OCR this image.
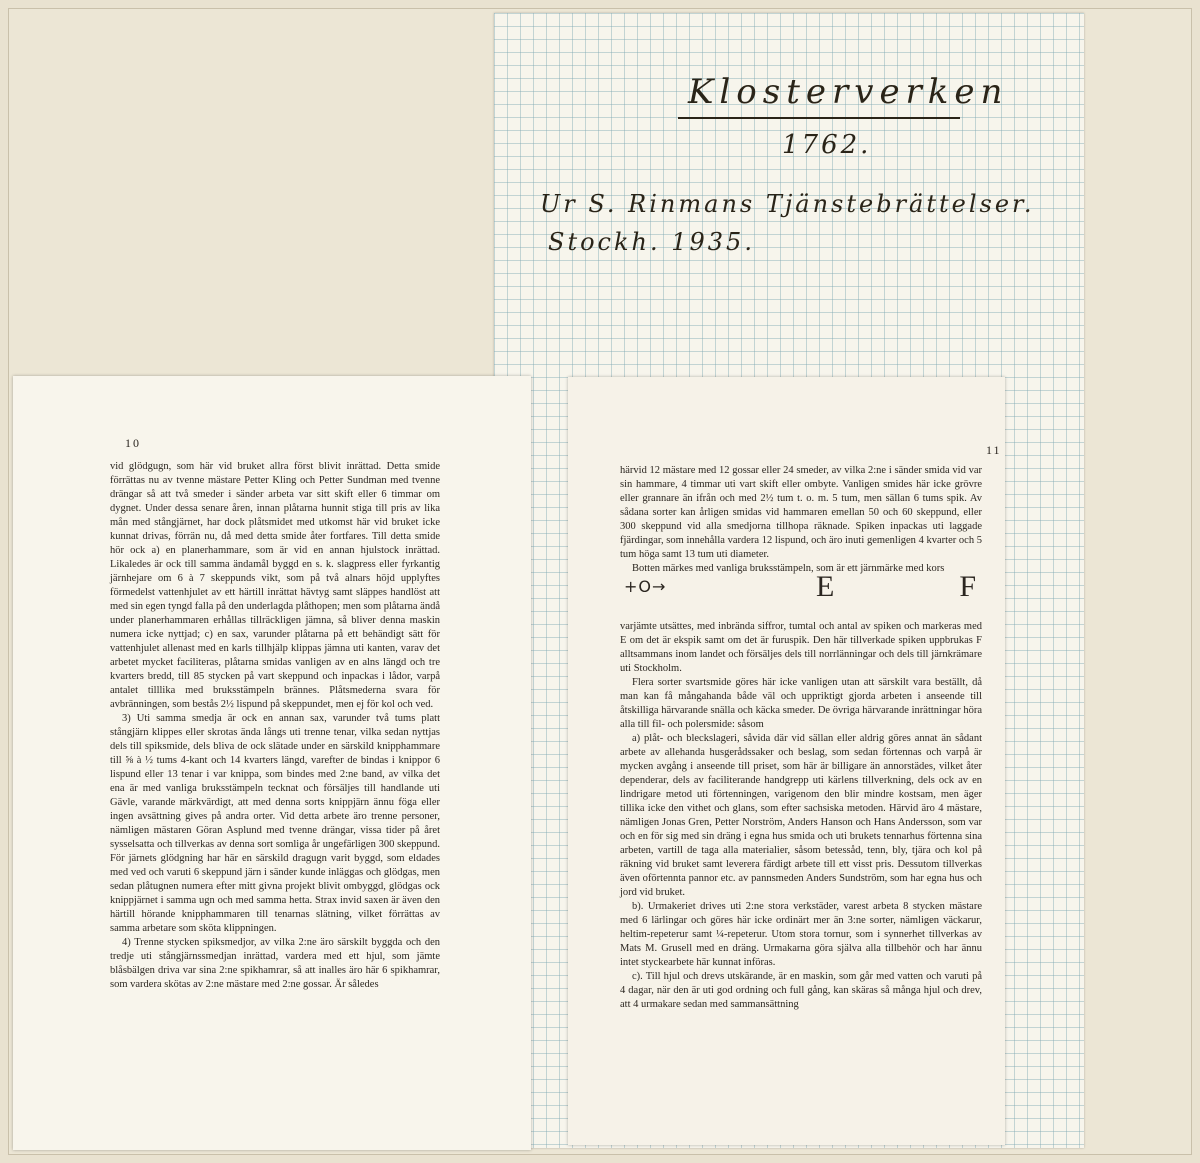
Klosterverken
1762.
Ur S. Rinmans Tjänstebrättelser.
Stockh. 1935.
10

vid glödgugn, som här vid bruket allra först blivit inrättad. Detta smide förrättas nu av tvenne mästare Petter Kling och Petter Sundman med tvenne drängar så att två smeder i sänder arbeta var sitt skift eller 6 timmar om dygnet. Under dessa senare åren, innan plåtarna hunnit stiga till pris av lika mån med stångjärnet, har dock plåtsmidet med utkomst här vid bruket icke kunnat drivas, förrän nu, då med detta smide åter fortfares. Till detta smide hör ock a) en planerhammare, som är vid en annan hjulstock inrättad. Likaledes är ock till samma ändamål byggd en s. k. slagpress eller fyrkantig järnhejare om 6 à 7 skeppunds vikt, som på två alnars höjd upplyftes förmedelst vattenhjulet av ett härtill inrättat hävtyg samt släppes handlöst att med sin egen tyngd falla på den underlagda plåthopen; men som plåtarna ändå under planerhammaren erhållas tillräckligen jämna, så bliver denna maskin numera icke nyttjad; c) en sax, varunder plåtarna på ett behändigt sätt för vattenhjulet allenast med en karls tillhjälp klippas jämna uti kanten, varav det arbetet mycket faciliteras, plåtarna smidas vanligen av en alns längd och tre kvarters bredd, till 85 stycken på vart skeppund och inpackas i lådor, varpå antalet tilllika med bruksstämpeln brännes. Plåtsmederna svara för avbränningen, som bestås 2½ lispund på skeppundet, men ej för kol och ved.

3) Uti samma smedja är ock en annan sax, varunder två tums platt stångjärn klippes eller skrotas ända långs uti trenne tenar, vilka sedan nyttjas dels till spiksmide, dels bliva de ock slätade under en särskild knipphammare till ⅝ à ½ tums 4-kant och 14 kvarters längd, varefter de bindas i knippor 6 lispund eller 13 tenar i var knippa, som bindes med 2:ne band, av vilka det ena är med vanliga bruksstämpeln tecknat och försäljes till handlande uti Gävle, varande märkvärdigt, att med denna sorts knippjärn ännu föga eller ingen avsättning gives på andra orter. Vid detta arbete äro trenne personer, nämligen mästaren Göran Asplund med tvenne drängar, vissa tider på året sysselsatta och tillverkas av denna sort somliga år ungefärligen 300 skeppund. För järnets glödgning har här en särskild dragugn varit byggd, som eldades med ved och varuti 6 skeppund järn i sänder kunde inläggas och glödgas, men sedan plåtugnen numera efter mitt givna projekt blivit ombyggd, glödgas ock knippjärnet i samma ugn och med samma hetta. Strax invid saxen är även den härtill hörande knipphammaren till tenarnas slätning, vilket förrättas av samma arbetare som sköta klippningen.

4) Trenne stycken spiksmedjor, av vilka 2:ne äro särskilt byggda och den tredje uti stångjärnssmedjan inrättad, vardera med ett hjul, som jämte blåsbälgen driva var sina 2:ne spikhamrar, så att inalles äro här 6 spikhamrar, som vardera skötas av 2:ne mästare med 2:ne gossar. Är således

11

härvid 12 mästare med 12 gossar eller 24 smeder, av vilka 2:ne i sänder smida vid var sin hammare, 4 timmar uti vart skift eller ombyte. Vanligen smides här icke grövre eller grannare än ifrån och med 2½ tum t. o. m. 5 tum, men sällan 6 tums spik. Av sådana sorter kan årligen smidas vid hammaren emellan 50 och 60 skeppund, eller 300 skeppund vid alla smedjorna tillhopa räknade. Spiken inpackas uti laggade fjärdingar, som innehålla vardera 12 lispund, och äro inuti gemenligen 4 kvarter och 5 tum höga samt 13 tum uti diameter.

Botten märkes med vanliga bruksstämpeln, som är ett järnmärke med kors

+O→	E	F

varjämte utsättes, med inbrända siffror, tumtal och antal av spiken och markeras med E om det är ekspik samt om det är furuspik. Den här tillverkade spiken uppbrukas F alltsammans inom landet och försäljes dels till norrlänningar och dels till järnkrämare uti Stockholm.

Flera sorter svartsmide göres här icke vanligen utan att särskilt vara beställt, då man kan få mångahanda både väl och uppriktigt gjorda arbeten i anseende till åtskilliga härvarande snälla och käcka smeder. De övriga härvarande inrättningar höra alla till fil- och polersmide: såsom

a) plåt- och bleckslageri, såvida där vid sällan eller aldrig göres annat än sådant arbete av allehanda husgerådssaker och beslag, som sedan förtennas och varpå är mycken avgång i anseende till priset, som här är billigare än annorstädes, vilket åter dependerar, dels av faciliterande handgrepp uti kärlens tillverkning, dels ock av en lindrigare metod uti förtenningen, varigenom den blir mindre kostsam, men äger tillika icke den vithet och glans, som efter sachsiska metoden. Härvid äro 4 mästare, nämligen Jonas Gren, Petter Norström, Anders Hanson och Hans Andersson, som var och en för sig med sin dräng i egna hus smida och uti brukets tennarhus förtenna sina arbeten, vartill de taga alla materialier, såsom betessåd, tenn, bly, tjära och kol på räkning vid bruket samt leverera färdigt arbete till ett visst pris. Dessutom tillverkas även oförtennta pannor etc. av pannsmeden Anders Sundström, som har egna hus och jord vid bruket.

b). Urmakeriet drives uti 2:ne stora verkstäder, varest arbeta 8 stycken mästare med 6 lärlingar och göres här icke ordinärt mer än 3:ne sorter, nämligen väckarur, heltim-repeterur samt ¼-repeterur. Utom stora tornur, som i synnerhet tillverkas av Mats M. Grusell med en dräng. Urmakarna göra själva alla tillbehör och har ännu intet styckearbete här kunnat införas.

c). Till hjul och drevs utskärande, är en maskin, som går med vatten och varuti på 4 dagar, när den är uti god ordning och full gång, kan skäras så många hjul och drev, att 4 urmakare sedan med sammansättning
